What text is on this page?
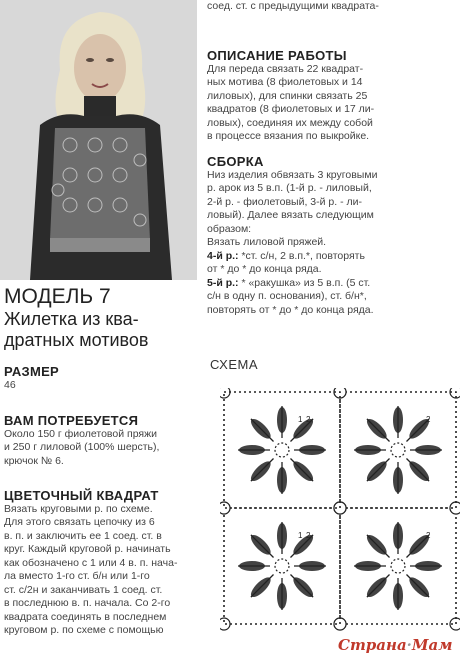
соед. ст. с предыдущими квадрата-

ОПИСАНИЕ РАБОТЫ

Для переда связать 22 квадрат-

ных мотива (8 фиолетовых и 14

лиловых), для спинки связать 25

квадратов (8 фиолетовых и 17 ли-

ловых), соединяя их между собой

в процессе вязания по выкройке.

СБОРКА

Низ изделия обвязать 3 круговыми

р. арок из 5 в.п. (1-й р. - лиловый,

2-й р. - фиолетовый, 3-й р. - ли-

ловый). Далее вязать следующим

образом:

Вязать лиловой пряжей.

4-й р.: *ст. с/н, 2 в.п.*, повторять

от * до * до конца ряда.

5-й р.: * «ракушка» из 5 в.п. (5 ст.

с/н в одну п. основания), ст. б/н*,

повторять от * до * до конца ряда.

СХЕМА
МОДЕЛЬ 7
Жилетка из ква-
дратных мотивов

РАЗМЕР

46

ВАМ ПОТРЕБУЕТСЯ

Около 150 г фиолетовой пряжи

и 250 г лиловой (100% шерсть),

крючок № 6.

ЦВЕТОЧНЫЙ КВАДРАТ

Вязать круговыми р. по схеме.

Для этого связать цепочку из 6

в. п. и заключить ее 1 соед. ст. в

круг. Каждый круговой р. начинать

как обозначено с 1 или 4 в. п. нача-

ла вместо 1-го ст. б/н или 1-го

ст. с/2н и заканчивать 1 соед. ст.

в последнюю в. п. начала. Со 2-го

квадрата соединять в последнем

круговом р. по схеме с помощью

2
1	2
2
1	2
Страна·Мам
